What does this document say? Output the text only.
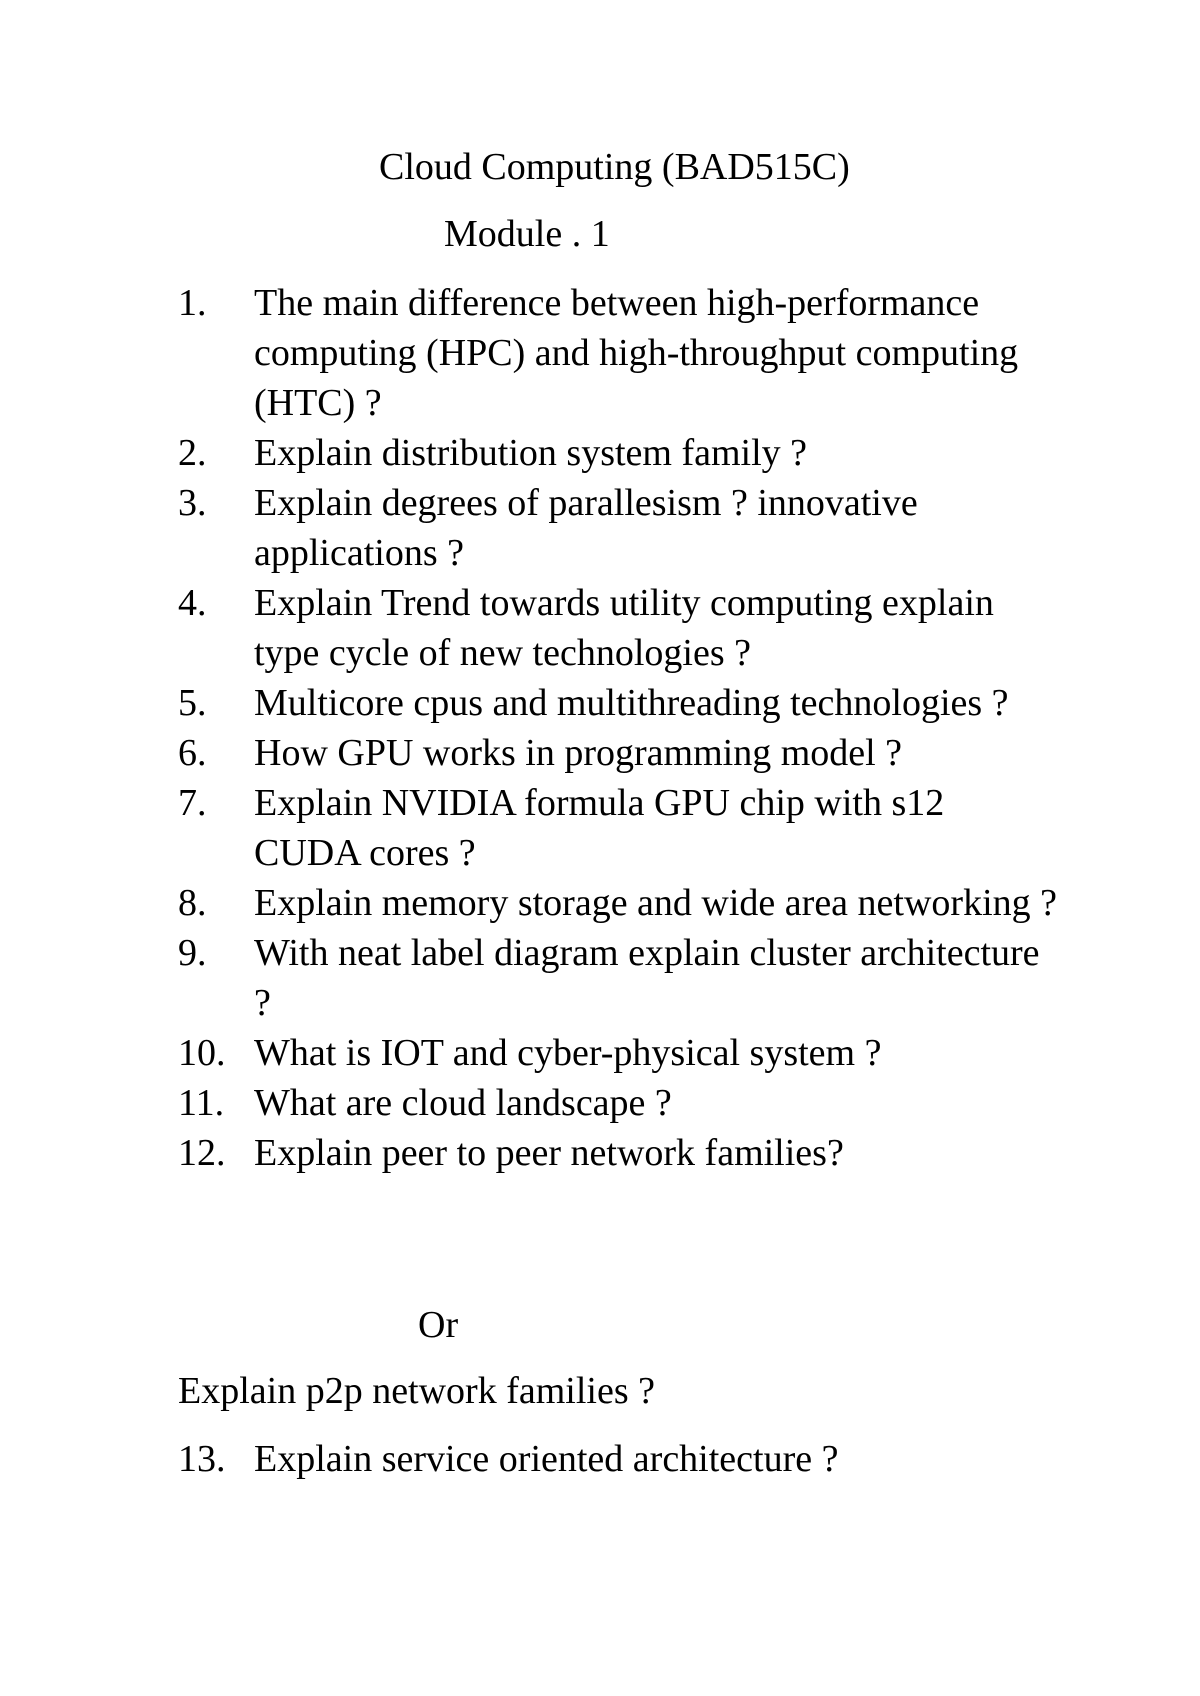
Cloud Computing (BAD515C)
Module . 1
1.	The main difference between high-performance computing (HPC) and high-throughput computing (HTC) ?
2.	Explain distribution system family ?
3.	Explain degrees of parallesism ? innovative applications ?
4.	Explain Trend towards utility computing explain type cycle of new technologies ?
5.	Multicore cpus and multithreading technologies ?
6.	How GPU works in programming model ?
7.	Explain NVIDIA formula GPU chip with s12 CUDA cores ?
8.	Explain memory storage and wide area networking ?
9.	With neat label diagram explain cluster architecture ?
10. What is IOT and cyber-physical system ?
11. What are cloud landscape ?
12. Explain peer to peer network families?
Or
Explain p2p network families ?
13. Explain service oriented architecture ?
